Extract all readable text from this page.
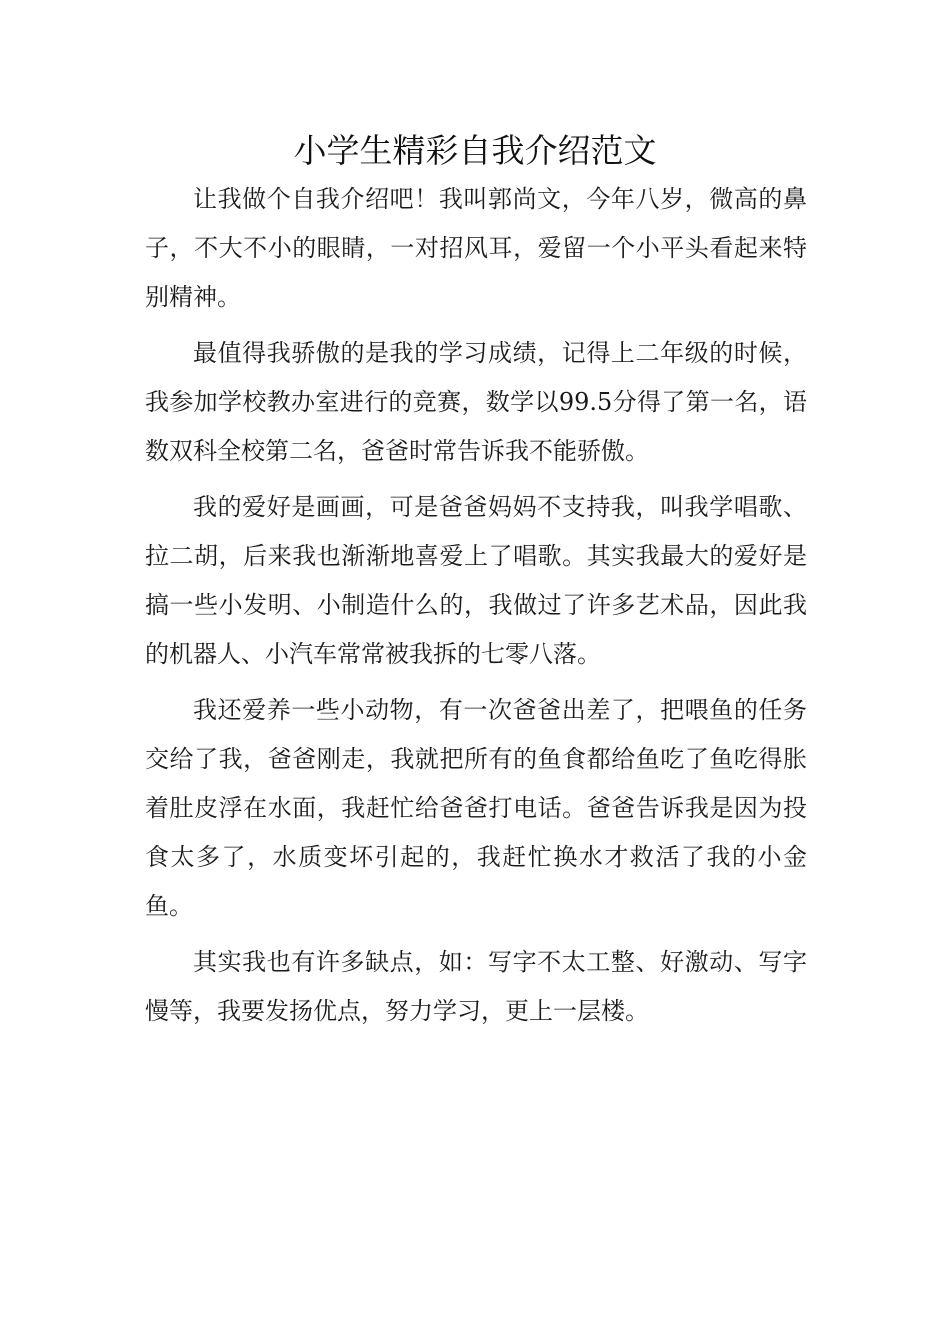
小学生精彩自我介绍范文

让我做个自我介绍吧！我叫郭尚文，今年八岁，微高的鼻子，不大不小的眼睛，一对招风耳，爱留一个小平头看起来特别精神。

最值得我骄傲的是我的学习成绩，记得上二年级的时候，我参加学校教办室进行的竞赛，数学以99.5分得了第一名，语数双科全校第二名，爸爸时常告诉我不能骄傲。

我的爱好是画画，可是爸爸妈妈不支持我，叫我学唱歌、拉二胡，后来我也渐渐地喜爱上了唱歌。其实我最大的爱好是搞一些小发明、小制造什么的，我做过了许多艺术品，因此我的机器人、小汽车常常被我拆的七零八落。

我还爱养一些小动物，有一次爸爸出差了，把喂鱼的任务交给了我，爸爸刚走，我就把所有的鱼食都给鱼吃了鱼吃得胀着肚皮浮在水面，我赶忙给爸爸打电话。爸爸告诉我是因为投食太多了，水质变坏引起的，我赶忙换水才救活了我的小金鱼。

其实我也有许多缺点，如：写字不太工整、好激动、写字慢等，我要发扬优点，努力学习，更上一层楼。
